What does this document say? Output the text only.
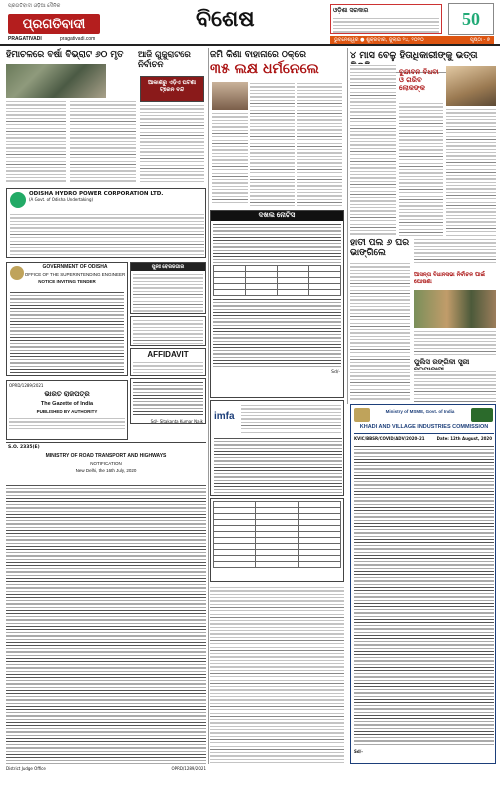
ପ୍ରଗତିବାଦୀ ଓଡ଼ିଆ ଦୈନିକ
ପ୍ରଗତିବାଦୀ
PRAGATIVADI	pragativadi.com
ବିଶେଷ	ଓଡ଼ିଶା ସରକାର	50
ଭୁବନେଶ୍ୱର ● ଶୁକ୍ରବାର, ଜୁଲାଇ ୨୪, ୨୦୨୦	ପୃଷ୍ଠା - ୭
ହିମାଚଳରେ ବର୍ଷା ବିଭ୍ରାଟ ୬୦ ମୃତ	ଆଜି ଗୁଜୁରାଟରେ ନିର୍ବାଚନ
ଆକାଶରୁ ଏଡ଼ିଏ ଘଟଣା ଟ୍ରେନ ବନ୍ଦ
ODISHA HYDRO POWER CORPORATION LTD.
(A Govt. of Odisha Undertaking)
GOVERNMENT OF ODISHA
OFFICE OF THE SUPERINTENDING ENGINEER
NOTICE INVITING TENDER
ପୁନଃ ବେରଜଗାର
AFFIDAVIT
Sd/- Sitakanta Kumar Naik
OPRD/1289/2021
ଭାରତ ରାଜପତ୍ର
The Gazette of India
PUBLISHED BY AUTHORITY
S.O. 2335(E)
MINISTRY OF ROAD TRANSPORT AND HIGHWAYS
NOTIFICATION
New Delhi, the 16th July, 2020
District Judge Office	OPRD/1289/2021
ଜମି କିଣା ବାହାନାରେ ଠକ୍ରେ
୩୫ ଲକ୍ଷ ଧର୍ମନେଲେ
ଦଖଲ ନୋଟିସ

Sd/-
imfa

୪ ମାସ ବେଳୁ ହିତାଧିକାରୀଙ୍କୁ ଭତ୍ତା
ବୁନ୍ଦାବନ ବିଧବା ଓ ଗରିବ ଲୋକଙ୍କ
ହାତୀ ପଲ ୬ ଘର ଭାଙ୍ଗିଲେ
ଆସନ୍ତା ବିଧାନସଭା ନିର୍ବାଚନ ପାଇଁ ଘୋଷଣା
ପୁଲିସ ରଙ୍ଗିଳୀ ସ୍ତ୍ରୀ
Ministry of MSME, Govt. of India
KHADI AND VILLAGE INDUSTRIES COMMISSION
KVIC/BBSR/COVID/ADV/2020-21	Date: 12th August, 2020
Sd/-
